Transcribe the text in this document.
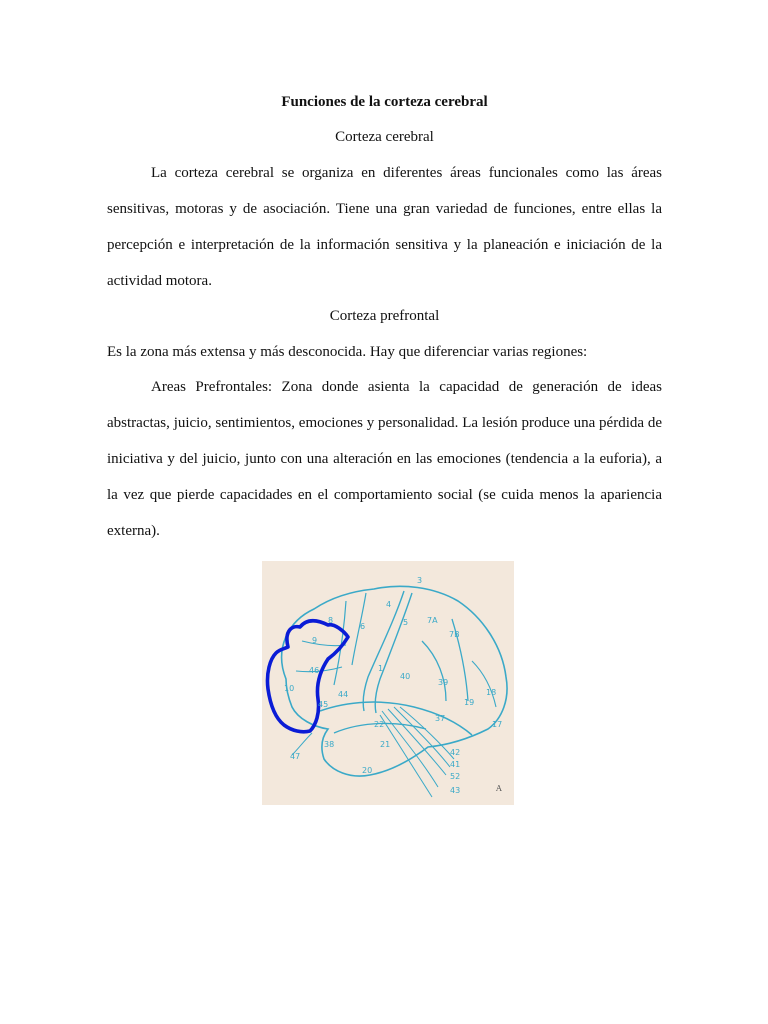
Funciones de la corteza cerebral
Corteza cerebral

La corteza cerebral se organiza en diferentes áreas funcionales como las áreas sensitivas, motoras y de asociación. Tiene una gran variedad de funciones, entre ellas la percepción e interpretación de la información sensitiva y la planeación e iniciación de la actividad motora.

Corteza prefrontal

Es la zona más extensa y más desconocida. Hay que diferenciar varias regiones:

Areas Prefrontales: Zona donde asienta la capacidad de generación de ideas abstractas, juicio, sentimientos, emociones y personalidad. La lesión produce una pérdida de iniciativa y del juicio, junto con una alteración en las emociones (tendencia a la euforia), a la vez que pierde capacidades en el comportamiento social (se cuida menos la apariencia externa).

3
4
5 7A
7B
6
8
9
46
10
45
44
1
40
39
18
19
17
37
22
21
38
20
47	42
41
52
43	A
